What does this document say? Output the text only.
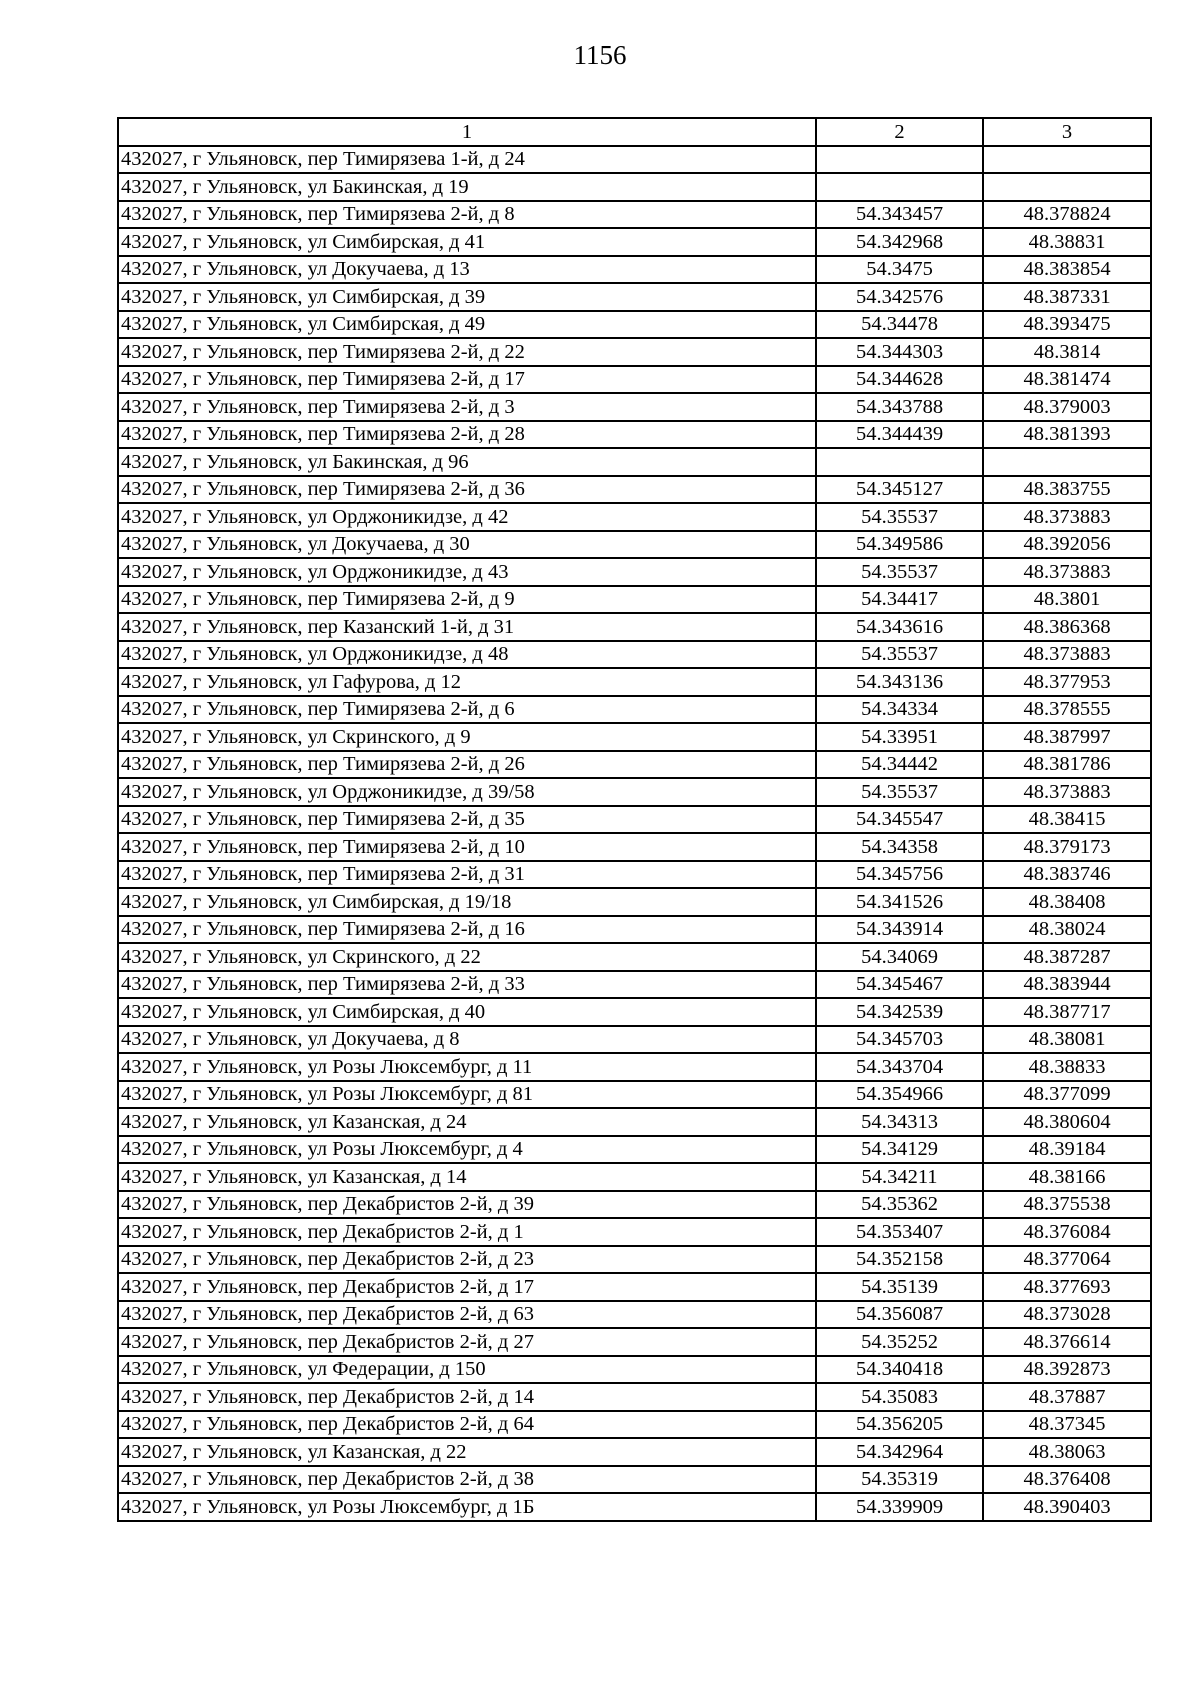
1156
1	2	3
432027, г Ульяновск, пер Тимирязева 1-й, д 24		
432027, г Ульяновск, ул Бакинская, д 19		
432027, г Ульяновск, пер Тимирязева 2-й, д 8	54.343457	48.378824
432027, г Ульяновск, ул Симбирская, д 41	54.342968	48.38831
432027, г Ульяновск, ул Докучаева, д 13	54.3475	48.383854
432027, г Ульяновск, ул Симбирская, д 39	54.342576	48.387331
432027, г Ульяновск, ул Симбирская, д 49	54.34478	48.393475
432027, г Ульяновск, пер Тимирязева 2-й, д 22	54.344303	48.3814
432027, г Ульяновск, пер Тимирязева 2-й, д 17	54.344628	48.381474
432027, г Ульяновск, пер Тимирязева 2-й, д 3	54.343788	48.379003
432027, г Ульяновск, пер Тимирязева 2-й, д 28	54.344439	48.381393
432027, г Ульяновск, ул Бакинская, д 96		
432027, г Ульяновск, пер Тимирязева 2-й, д 36	54.345127	48.383755
432027, г Ульяновск, ул Орджоникидзе, д 42	54.35537	48.373883
432027, г Ульяновск, ул Докучаева, д 30	54.349586	48.392056
432027, г Ульяновск, ул Орджоникидзе, д 43	54.35537	48.373883
432027, г Ульяновск, пер Тимирязева 2-й, д 9	54.34417	48.3801
432027, г Ульяновск, пер Казанский 1-й, д 31	54.343616	48.386368
432027, г Ульяновск, ул Орджоникидзе, д 48	54.35537	48.373883
432027, г Ульяновск, ул Гафурова, д 12	54.343136	48.377953
432027, г Ульяновск, пер Тимирязева 2-й, д 6	54.34334	48.378555
432027, г Ульяновск, ул Скринского, д 9	54.33951	48.387997
432027, г Ульяновск, пер Тимирязева 2-й, д 26	54.34442	48.381786
432027, г Ульяновск, ул Орджоникидзе, д 39/58	54.35537	48.373883
432027, г Ульяновск, пер Тимирязева 2-й, д 35	54.345547	48.38415
432027, г Ульяновск, пер Тимирязева 2-й, д 10	54.34358	48.379173
432027, г Ульяновск, пер Тимирязева 2-й, д 31	54.345756	48.383746
432027, г Ульяновск, ул Симбирская, д 19/18	54.341526	48.38408
432027, г Ульяновск, пер Тимирязева 2-й, д 16	54.343914	48.38024
432027, г Ульяновск, ул Скринского, д 22	54.34069	48.387287
432027, г Ульяновск, пер Тимирязева 2-й, д 33	54.345467	48.383944
432027, г Ульяновск, ул Симбирская, д 40	54.342539	48.387717
432027, г Ульяновск, ул Докучаева, д 8	54.345703	48.38081
432027, г Ульяновск, ул Розы Люксембург, д 11	54.343704	48.38833
432027, г Ульяновск, ул Розы Люксембург, д 81	54.354966	48.377099
432027, г Ульяновск, ул Казанская, д 24	54.34313	48.380604
432027, г Ульяновск, ул Розы Люксембург, д 4	54.34129	48.39184
432027, г Ульяновск, ул Казанская, д 14	54.34211	48.38166
432027, г Ульяновск, пер Декабристов 2-й, д 39	54.35362	48.375538
432027, г Ульяновск, пер Декабристов 2-й, д 1	54.353407	48.376084
432027, г Ульяновск, пер Декабристов 2-й, д 23	54.352158	48.377064
432027, г Ульяновск, пер Декабристов 2-й, д 17	54.35139	48.377693
432027, г Ульяновск, пер Декабристов 2-й, д 63	54.356087	48.373028
432027, г Ульяновск, пер Декабристов 2-й, д 27	54.35252	48.376614
432027, г Ульяновск, ул Федерации, д 150	54.340418	48.392873
432027, г Ульяновск, пер Декабристов 2-й, д 14	54.35083	48.37887
432027, г Ульяновск, пер Декабристов 2-й, д 64	54.356205	48.37345
432027, г Ульяновск, ул Казанская, д 22	54.342964	48.38063
432027, г Ульяновск, пер Декабристов 2-й, д 38	54.35319	48.376408
432027, г Ульяновск, ул Розы Люксембург, д 1Б	54.339909	48.390403
